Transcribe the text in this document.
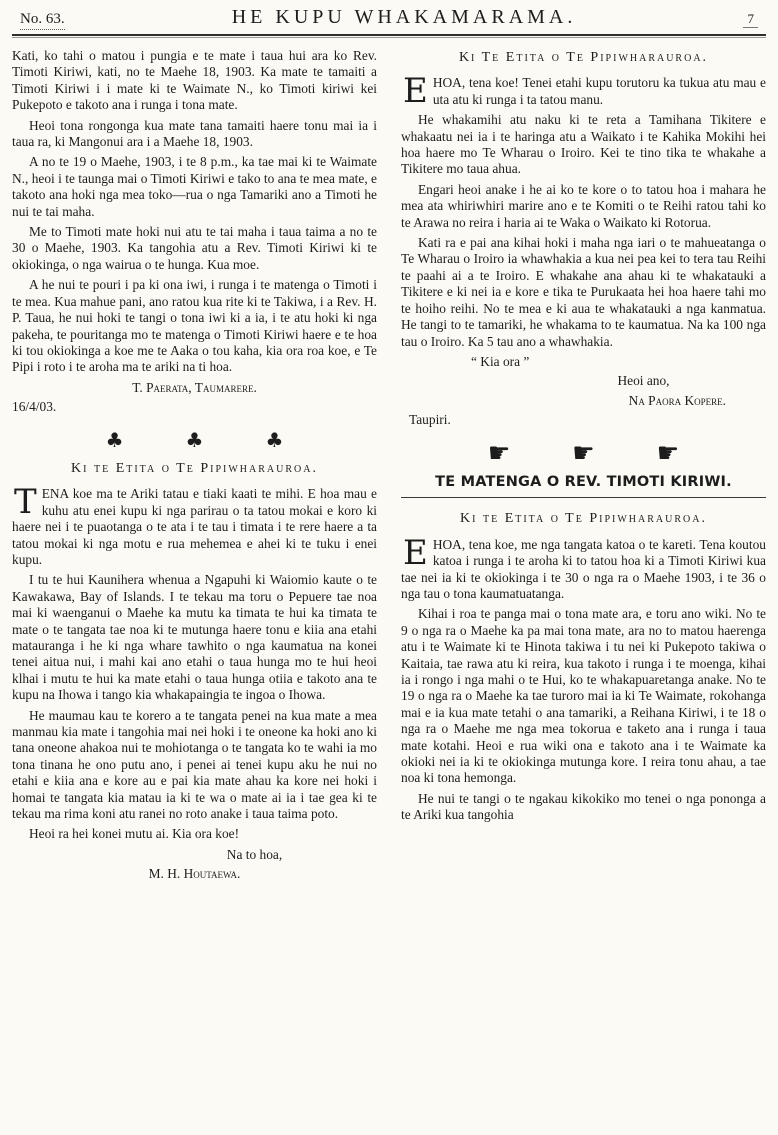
No. 63.	HE KUPU WHAKAMARAMA.	7

Kati, ko tahi o matou i pungia e te mate i taua hui ara ko Rev. Timoti Kiriwi, kati, no te Maehe 18, 1903. Ka mate te tamaiti a Timoti Kiriwi i i mate ki te Waimate N., ko Timoti kiriwi kei Pukepoto e takoto ana i runga i tona mate.

Heoi tona rongonga kua mate tana tamaiti haere tonu mai ia i taua ra, ki Mangonui ara i a Maehe 18, 1903.

A no te 19 o Maehe, 1903, i te 8 p.m., ka tae mai ki te Waimate N., heoi i te taunga mai o Timoti Kiriwi e tako to ana te mea mate, e takoto ana hoki nga mea toko—rua o nga Tamariki ano a Timoti he nui te tai maha.

Me to Timoti mate hoki nui atu te tai maha i taua taima a no te 30 o Maehe, 1903. Ka tangohia atu a Rev. Timoti Kiriwi ki te okiokinga, o nga wairua o te hunga. Kua moe.

A he nui te pouri i pa ki ona iwi, i runga i te matenga o Timoti i te mea. Kua mahue pani, ano ratou kua rite ki te Takiwa, i a Rev. H. P. Taua, he nui hoki te tangi o tona iwi ki a ia, i te atu hoki ki nga pakeha, te pouritanga mo te matenga o Timoti Kiriwi haere e te hoa ki tou okiokinga a koe me te Aaka o tou kaha, kia ora roa koe, e Te Pipi i roto i te aroha ma te ariki na ti hoa.

T. Paerata, Taumarere.

16/4/03.

♣	♣	♣
Ki te Etita o Te Pipiwharauroa.

TENA koe ma te Ariki tatau e tiaki kaati te mihi. E hoa mau e kuhu atu enei kupu ki nga parirau o ta tatou mokai e koro ki haere nei i te puaotanga o te ata i te tau i timata i te rere haere a ta tatou mokai ki nga motu e rua mehemea e ahei ki te tuku i enei kupu.

I tu te hui Kaunihera whenua a Ngapuhi ki Waiomio kaute o te Kawakawa, Bay of Islands. I te tekau ma toru o Pepuere tae noa mai ki waenganui o Maehe ka mutu ka timata te hui ka timata te mate o te tangata tae noa ki te mutunga haere tonu e kiia ana etahi matauranga i he ki nga whare tawhito o nga kaumatua na konei tenei aitua nui, i mahi kai ano etahi o taua hunga mo te hui heoi klhai i mutu te hui ka mate etahi o taua hunga otiia e takoto ana te kupu na Ihowa i tango kia whakapaingia te ingoa o Ihowa.

He maumau kau te korero a te tangata penei na kua mate a mea manmau kia mate i tangohia mai nei hoki i te oneone ka hoki ano ki tana oneone ahakoa nui te mohiotanga o te tangata ko te wahi ia mo tona tinana he ono putu ano, i penei ai tenei kupu aku he nui no etahi e kiia ana e kore au e pai kia mate ahau ka kore nei hoki i homai te tangata kia matau ia ki te wa o mate ai ia i tae gea ki te tekau ma rima koni atu ranei no roto anake i taua taima poto.

Heoi ra hei konei mutu ai. Kia ora koe!

Na to hoa,

M. H. Houtaewa.

Ki Te Etita o Te Pipiwharauroa.

EHOA, tena koe! Tenei etahi kupu torutoru ka tukua atu mau e uta atu ki runga i ta tatou manu.

He whakamihi atu naku ki te reta a Tamihana Tikitere e whakaatu nei ia i te haringa atu a Waikato i te Kahika Mokihi hei hoa haere mo Te Wharau o Iroiro. Kei te tino tika te whakahe a Tikitere mo taua ahua.

Engari heoi anake i he ai ko te kore o to tatou hoa i mahara he mea ata whiriwhiri marire ano e te Komiti o te Reihi ratou tahi ko te Arawa no reira i haria ai te Waka o Waikato ki Rotorua.

Kati ra e pai ana kihai hoki i maha nga iari o te mahueatanga o Te Wharau o Iroiro ia whawhakia a kua nei pea kei to tera tau Reihi te paahi ai a te Iroiro. E whakahe ana ahau ki te whakatauki a Tikitere e ki nei ia e kore e tika te Purukaata hei hoa haere tahi mo te hoiho reihi. No te mea e ki aua te whakatauki a nga kanmatua. He tangi to te tamariki, he whakama to te kaumatua. Na ka 100 nga tau o Iroiro. Ka 5 tau ano a whawhakia.

“ Kia ora ”

Heoi ano,

Na Paora Kopere.

Taupiri.

☛ ☛ ☛
TE MATENGA O REV. TIMOTI KIRIWI.
Ki te Etita o Te Pipiwharauroa.

EHOA, tena koe, me nga tangata katoa o te kareti. Tena koutou katoa i runga i te aroha ki to tatou hoa ki a Timoti Kiriwi kua tae nei ia ki te okiokinga i te 30 o nga ra o Maehe 1903, i te 36 o nga tau o tona kaumatuatanga.

Kihai i roa te panga mai o tona mate ara, e toru ano wiki. No te 9 o nga ra o Maehe ka pa mai tona mate, ara no to matou haerenga atu i te Waimate ki te Hinota takiwa i tu nei ki Pukepoto takiwa o Kaitaia, tae rawa atu ki reira, kua takoto i runga i te moenga, kihai ia i rongo i nga mahi o te Hui, ko te whakapuaretanga anake. No te 19 o nga ra o Maehe ka tae turoro mai ia ki Te Waimate, rokohanga mai e ia kua mate tetahi o ana tamariki, a Reihana Kiriwi, i te 18 o nga ra o Maehe me nga mea tokorua e taketo ana i runga i taua mate kotahi. Heoi e rua wiki ona e takoto ana i te Waimate ka okioki nei ia ki te okiokinga mutunga kore. I reira tonu ahau, a tae noa ki tona hemonga.

He nui te tangi o te ngakau kikokiko mo tenei o nga pononga a te Ariki kua tangohia
